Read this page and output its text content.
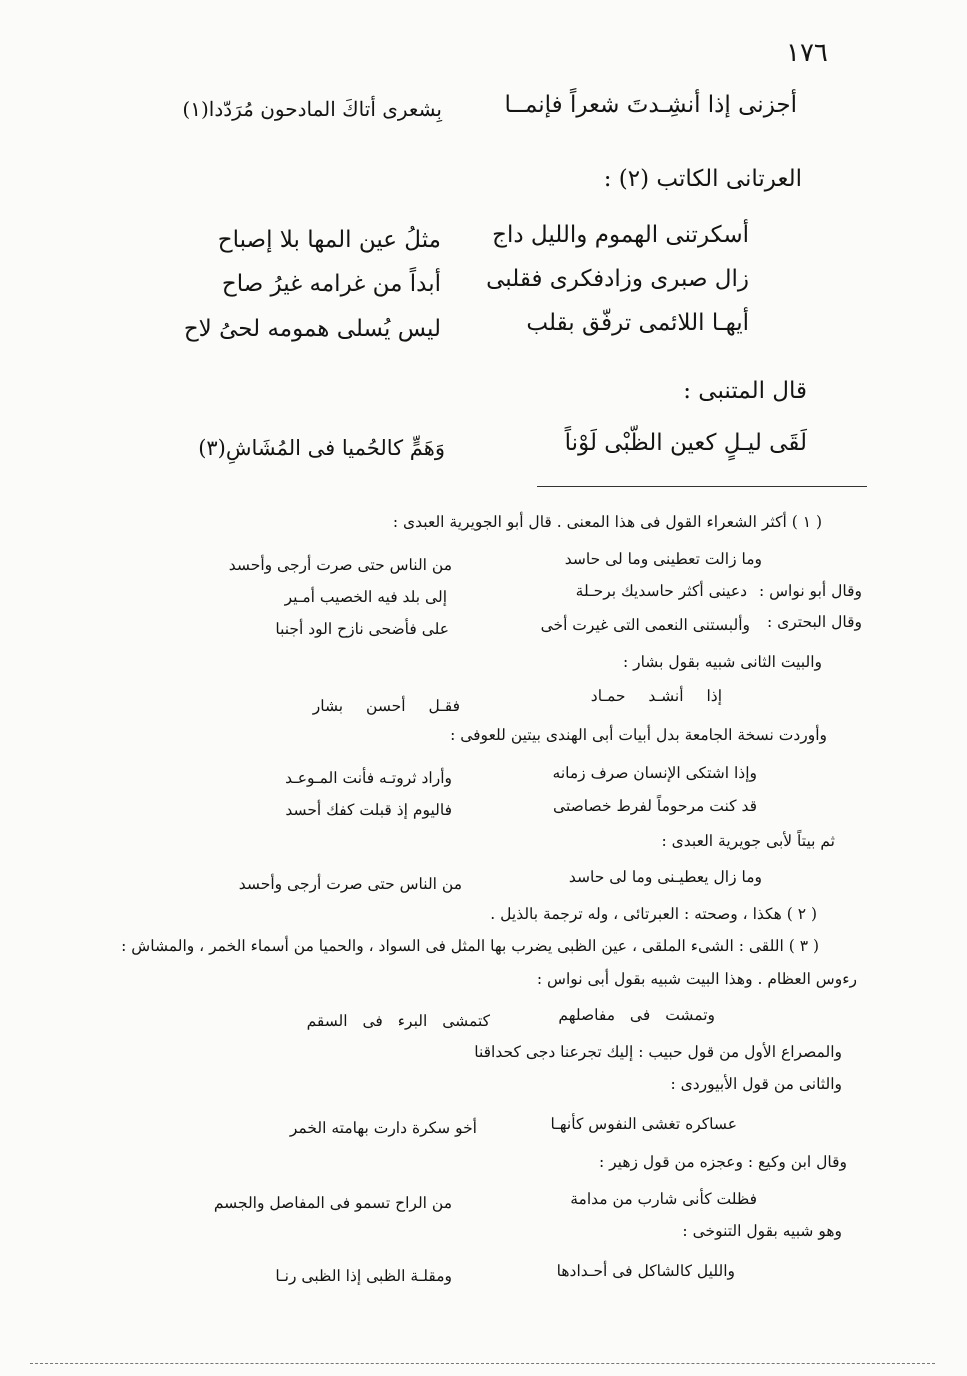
١٧٦
أجزنى إذا أنشِـدتَ شعراً فإنمــا
بِشعرى أتاكَ المادحون مُرَدّدا(١)
العرتانى الكاتب (٢) :
أسكرتنى الهموم والليل داج
مثلُ عين المها بلا إصباح
زال صبرى وزادفكرى فقلبى
أبداً من غرامه غيرُ صاح
أيهـا اللائمى ترفّق بقلب
ليس يُسلى همومه لحىُ لاح
قال المتنبى :
لَقَى ليـلٍ كعين الظّبْى لَوْناً
وَهَمٍّ كالحُميا فى المُشَاشِ(٣)
( ١ ) أكثر الشعراء القول فى هذا المعنى . قال أبو الجويرية العبدى :
وما زالت تعطينى وما لى حاسد
من الناس حتى صرت أرجى وأحسد
وقال أبو نواس :
دعينى أكثر حاسديك برحـلة
إلى بلد فيه الخصيب أمـير
وقال البحترى :
وألبستنى النعمى التى غيرت أخى
على فأضحى نازح الود أجنبا
والبيت الثانى شبيه بقول بشار :
إذا أنشـد حمـاد
فقـل أحسن بشار
وأوردت نسخة الجامعة بدل أبيات أبى الهندى بيتين للعوفى :
وإذا اشتكى الإنسان صرف زمانه
وأراد ثروتـه فأنت المـوعـد
قد كنت مرحوماً لفرط خصاصتى
فاليوم إذ قبلت كفك أحسد
ثم بيتاً لأبى جويرية العبدى :
وما زال يعطيـنى وما لى حاسد
من الناس حتى صرت أرجى وأحسد
( ٢ ) هكذا ، وصحته : العبرتائى ، وله ترجمة بالذيل .
( ٣ ) اللقى : الشىء الملقى ، عين الظبى يضرب بها المثل فى السواد ، والحميا من أسماء الخمر ، والمشاش :
رءوس العظام . وهذا البيت شبيه بقول أبى نواس :
وتمشت فى مفاصلهم
كتمشى البرء فى السقم
والمصراع الأول من قول حبيب : إليك تجرعنا دجى كحداقنا
والثانى من قول الأبيوردى :
عساكره تغشى النفوس كأنهـا
أخو سكرة دارت بهامته الخمر
وقال ابن وكيع : وعجزه من قول زهير :
فظلت كأنى شارب من مدامة
من الراح تسمو فى المفاصل والجسم
وهو شبيه بقول التنوخى :
والليل كالشاكل فى أحـدادها
ومقلـة الظبى إذا الظبى رنـا
